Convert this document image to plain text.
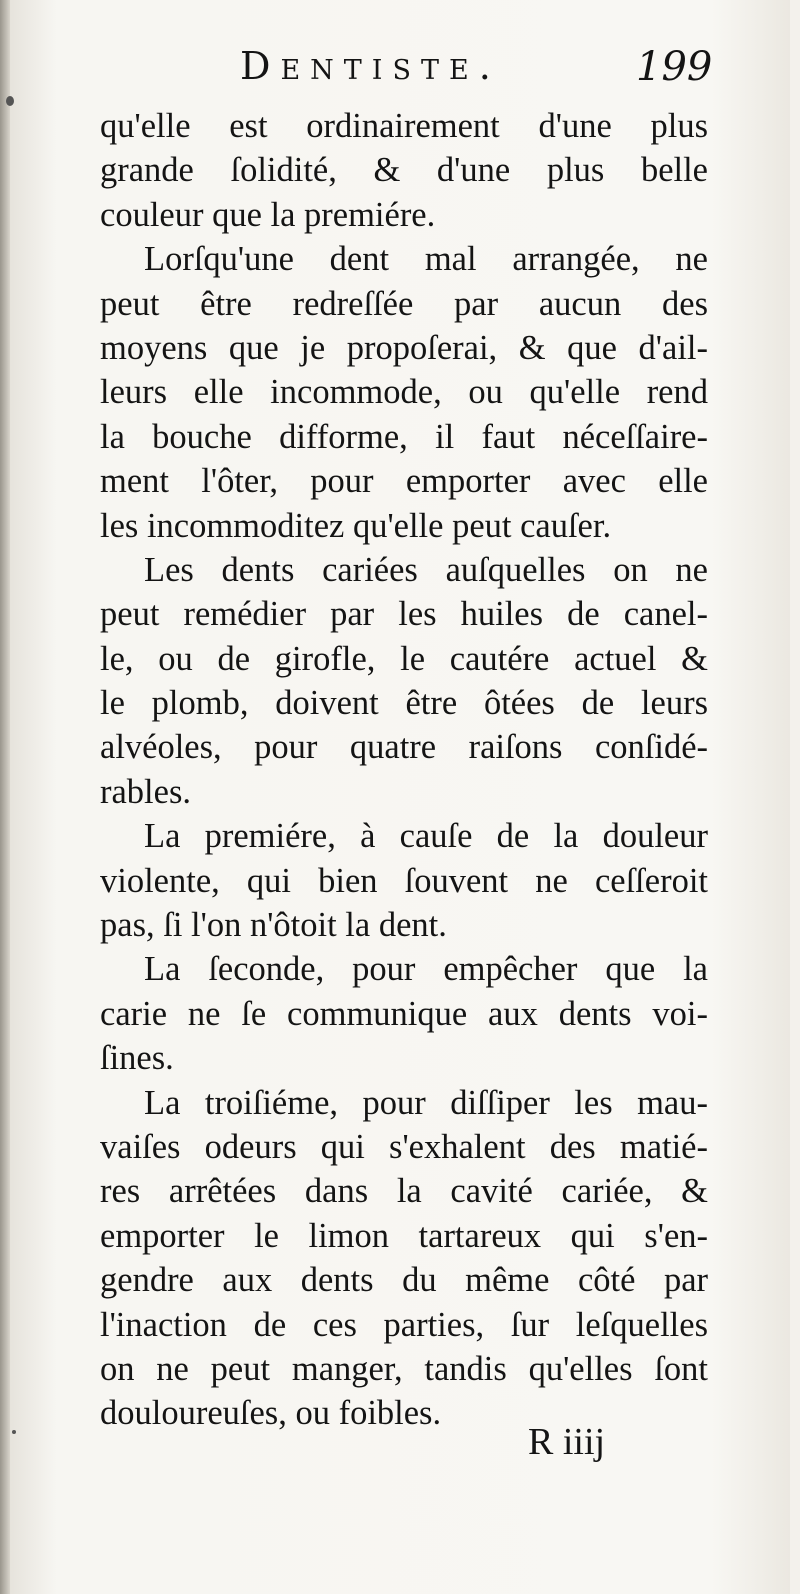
Dentiste.	199
qu'elle est ordinairement d'une plus
grande ſolidité, & d'une plus belle
couleur que la premiére.
Lorſqu'une dent mal arrangée, ne
peut être redreſſée par aucun des
moyens que je propoſerai, & que d'ail-
leurs elle incommode, ou qu'elle rend
la bouche difforme, il faut néceſſaire-
ment l'ôter, pour emporter avec elle
les incommoditez qu'elle peut cauſer.
Les dents cariées auſquelles on ne
peut remédier par les huiles de canel-
le, ou de girofle, le cautére actuel &
le plomb, doivent être ôtées de leurs
alvéoles, pour quatre raiſons conſidé-
rables.
La premiére, à cauſe de la douleur
violente, qui bien ſouvent ne ceſſeroit
pas, ſi l'on n'ôtoit la dent.
La ſeconde, pour empêcher que la
carie ne ſe communique aux dents voi-
ſines.
La troiſiéme, pour diſſiper les mau-
vaiſes odeurs qui s'exhalent des matié-
res arrêtées dans la cavité cariée, &
emporter le limon tartareux qui s'en-
gendre aux dents du même côté par
l'inaction de ces parties, ſur leſquelles
on ne peut manger, tandis qu'elles ſont
douloureuſes, ou foibles.
R iiij
